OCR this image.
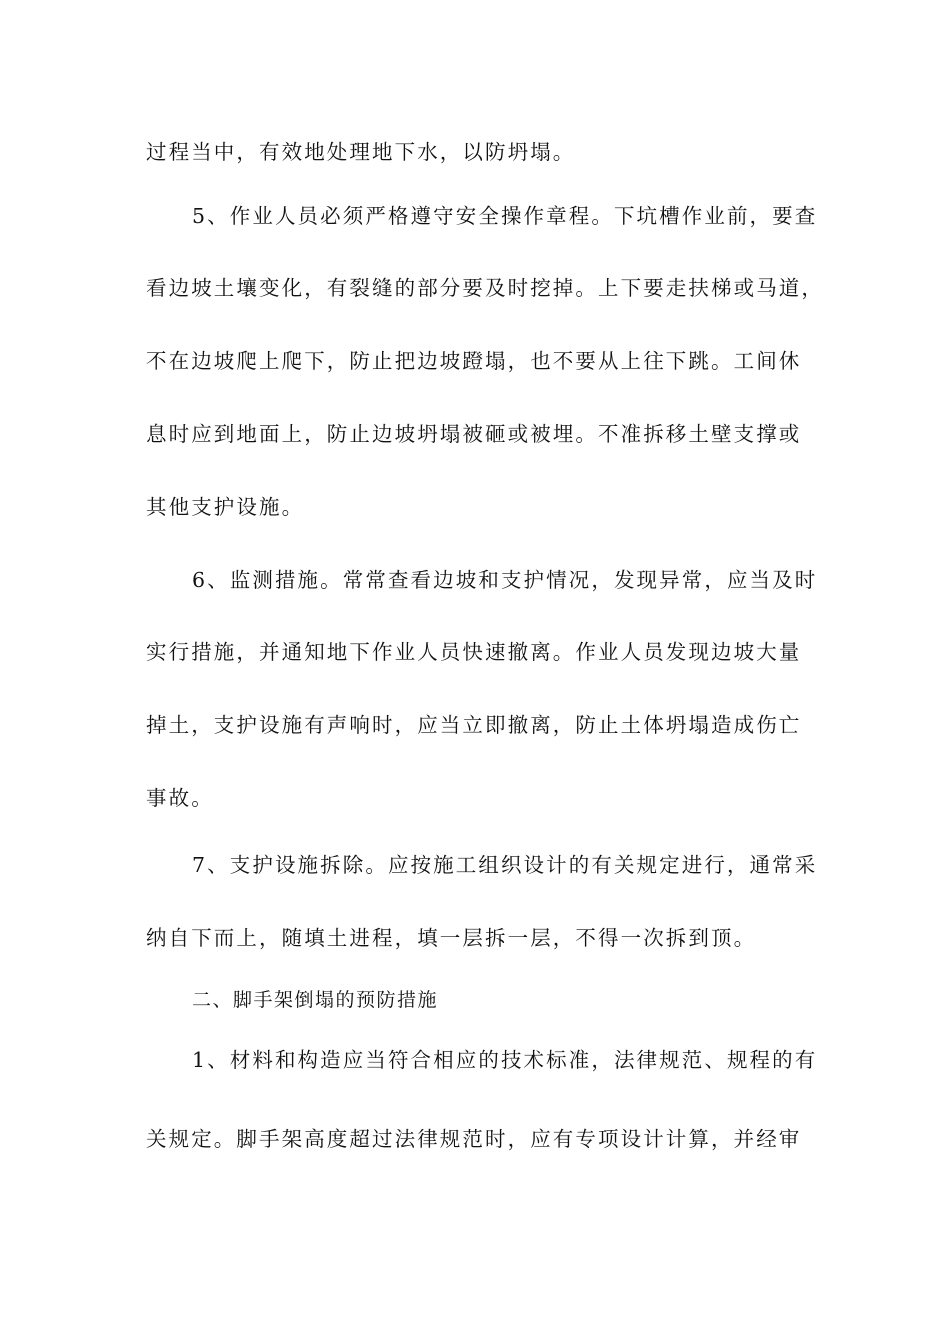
过程当中，有效地处理地下水，以防坍塌。
5、作业人员必须严格遵守安全操作章程。下坑槽作业前，要查
看边坡土壤变化，有裂缝的部分要及时挖掉。上下要走扶梯或马道，
不在边坡爬上爬下，防止把边坡蹬塌，也不要从上往下跳。工间休
息时应到地面上，防止边坡坍塌被砸或被埋。不准拆移土壁支撑或
其他支护设施。
6、监测措施。常常查看边坡和支护情况，发现异常，应当及时
实行措施，并通知地下作业人员快速撤离。作业人员发现边坡大量
掉土，支护设施有声响时，应当立即撤离，防止土体坍塌造成伤亡
事故。
7、支护设施拆除。应按施工组织设计的有关规定进行，通常采
纳自下而上，随填土进程，填一层拆一层，不得一次拆到顶。
二、脚手架倒塌的预防措施
1、材料和构造应当符合相应的技术标准，法律规范、规程的有
关规定。脚手架高度超过法律规范时，应有专项设计计算，并经审
